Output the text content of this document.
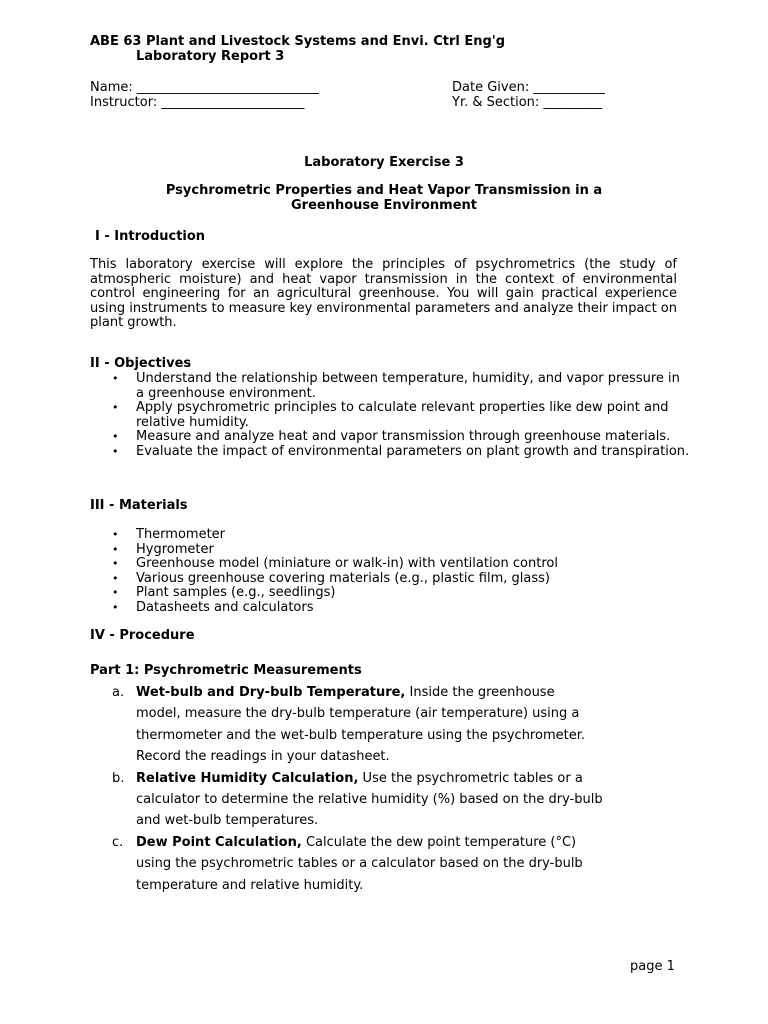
ABE 63 Plant and Livestock Systems and Envi. Ctrl Eng'g
Laboratory Report 3
Name: ____________________________
Instructor: ______________________
Date Given: ___________
Yr. & Section: _________
Laboratory Exercise 3
Psychrometric Properties and Heat Vapor Transmission in a
Greenhouse Environment
I - Introduction
This laboratory exercise will explore the principles of psychrometrics (the study of atmospheric moisture) and heat vapor transmission in the context of environmental control engineering for an agricultural greenhouse. You will gain practical experience using instruments to measure key environmental parameters and analyze their impact on plant growth.
II - Objectives
• Understand the relationship between temperature, humidity, and vapor pressure in a greenhouse environment.
• Apply psychrometric principles to calculate relevant properties like dew point and relative humidity.
• Measure and analyze heat and vapor transmission through greenhouse materials.
• Evaluate the impact of environmental parameters on plant growth and transpiration.
III - Materials
• Thermometer
• Hygrometer
• Greenhouse model (miniature or walk-in) with ventilation control
• Various greenhouse covering materials (e.g., plastic film, glass)
• Plant samples (e.g., seedlings)
• Datasheets and calculators
IV - Procedure
Part 1: Psychrometric Measurements
a. Wet-bulb and Dry-bulb Temperature, Inside the greenhouse
model, measure the dry-bulb temperature (air temperature) using a
thermometer and the wet-bulb temperature using the psychrometer.
Record the readings in your datasheet.
b. Relative Humidity Calculation, Use the psychrometric tables or a
calculator to determine the relative humidity (%) based on the dry-bulb
and wet-bulb temperatures.
c. Dew Point Calculation, Calculate the dew point temperature (°C)
using the psychrometric tables or a calculator based on the dry-bulb
temperature and relative humidity.
page 1
